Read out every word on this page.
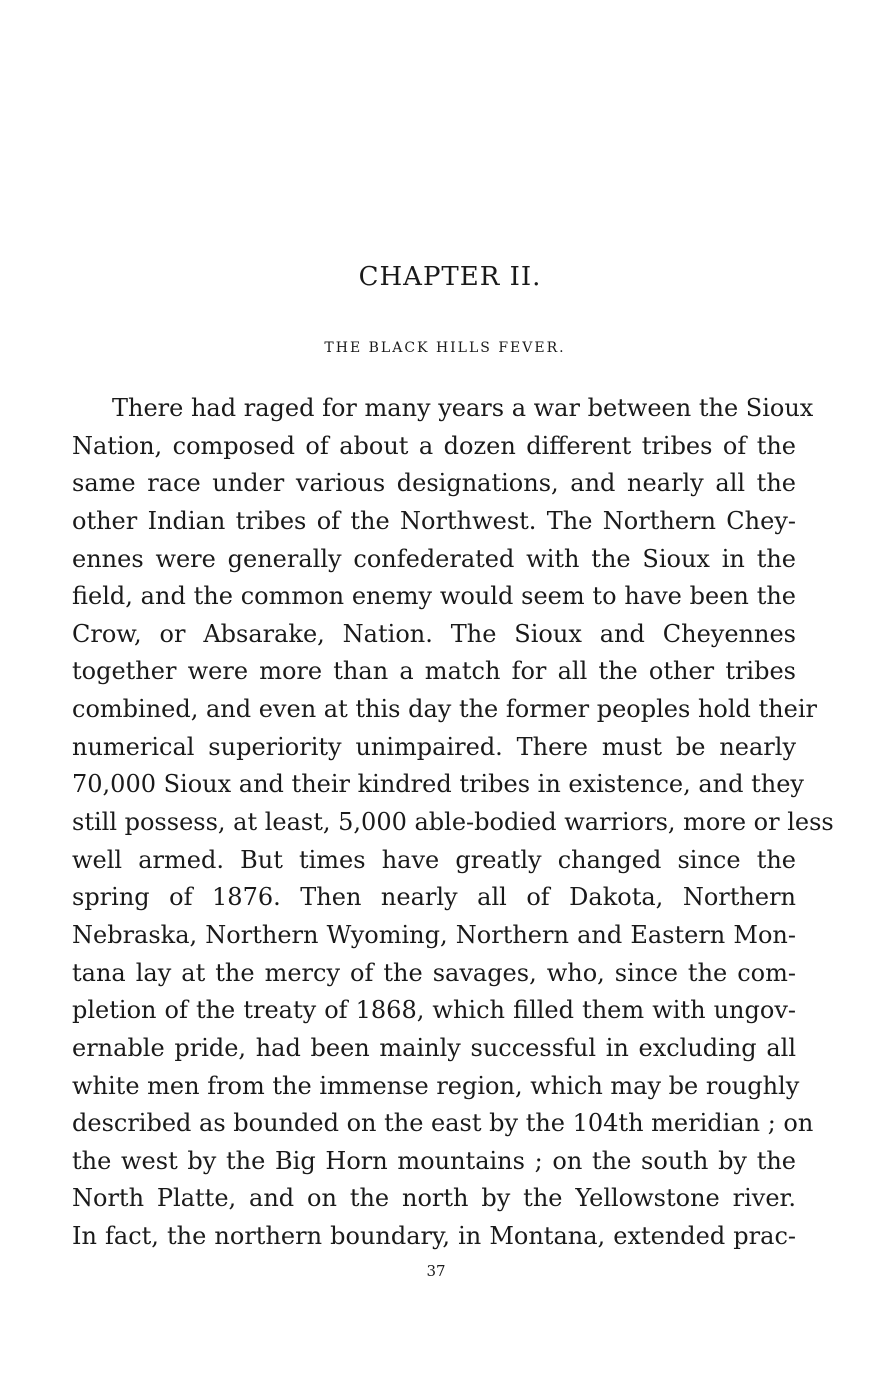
CHAPTER II.
THE BLACK HILLS FEVER.
There had raged for many years a war between the Sioux
Nation, composed of about a dozen different tribes of the
same race under various designations, and nearly all the
other Indian tribes of the Northwest. The Northern Chey-
ennes were generally confederated with the Sioux in the
field, and the common enemy would seem to have been the
Crow, or Absarake, Nation. The Sioux and Cheyennes
together were more than a match for all the other tribes
combined, and even at this day the former peoples hold their
numerical superiority unimpaired. There must be nearly
70,000 Sioux and their kindred tribes in existence, and they
still possess, at least, 5,000 able-bodied warriors, more or less
well armed. But times have greatly changed since the
spring of 1876. Then nearly all of Dakota, Northern
Nebraska, Northern Wyoming, Northern and Eastern Mon-
tana lay at the mercy of the savages, who, since the com-
pletion of the treaty of 1868, which filled them with ungov-
ernable pride, had been mainly successful in excluding all
white men from the immense region, which may be roughly
described as bounded on the east by the 104th meridian ; on
the west by the Big Horn mountains ; on the south by the
North Platte, and on the north by the Yellowstone river.
In fact, the northern boundary, in Montana, extended prac-
37
